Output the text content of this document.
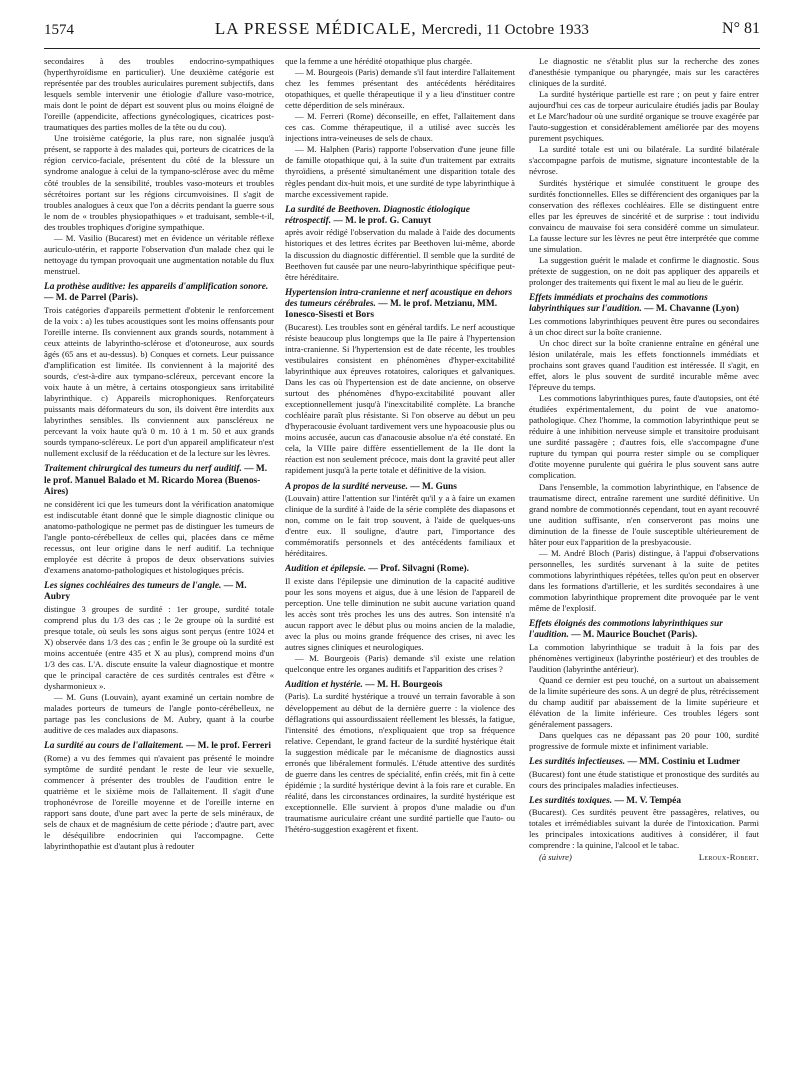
1574	LA PRESSE MÉDICALE, Mercredi, 11 Octobre 1933	N° 81

secondaires à des troubles endocrino-sympathiques (hyperthyroïdisme en particulier). Une deuxième catégorie est représentée par des troubles auriculaires purement subjectifs, dans lesquels semble intervenir une étiologie d'allure vaso-motrice, mais dont le point de départ est souvent plus ou moins éloigné de l'oreille (appendicite, affections gynécologiques, cicatrices post-traumatiques des parties molles de la tête ou du cou).

Une troisième catégorie, la plus rare, non signalée jusqu'à présent, se rapporte à des malades qui, porteurs de cicatrices de la région cervico-faciale, présentent du côté de la blessure un syndrome analogue à celui de la tympano-sclérose avec du même côté troubles de la sensibilité, troubles vaso-moteurs et troubles sécrétoires portant sur les régions circumvoisines. Il s'agit de troubles analogues à ceux que l'on a décrits pendant la guerre sous le nom de « troubles physiopathiques » et traduisant, semble-t-il, des troubles trophiques d'origine sympathique.

— M. Vasilio (Bucarest) met en évidence un véritable réflexe auriculo-utérin, et rapporte l'observation d'un malade chez qui le nettoyage du tympan provoquait une augmentation notable du flux menstruel.

La prothèse auditive: les appareils d'amplification sonore. — M. de Parrel (Paris).

Trois catégories d'appareils permettent d'obtenir le renforcement de la voix : a) les tubes acoustiques sont les moins offensants pour l'oreille interne. Ils conviennent aux grands sourds, notamment à ceux atteints de labyrintho-sclérose et d'otoneurose, aux sourds âgés (65 ans et au-dessus). b) Conques et cornets. Leur puissance d'amplification est limitée. Ils conviennent à la majorité des sourds, c'est-à-dire aux tympano-scléreux, percevant encore la voix haute à un mètre, à certains otospongieux sans irritabilité labyrinthique. c) Appareils microphoniques. Renforçateurs puissants mais déformateurs du son, ils doivent être interdits aux labyrinthes sensibles. Ils conviennent aux panscléreux ne percevant la voix haute qu'à 0 m. 10 à 1 m. 50 et aux grands sourds tympano-scléreux. Le port d'un appareil amplificateur n'est nullement exclusif de la rééducation et de la lecture sur les lèvres.

Traitement chirurgical des tumeurs du nerf auditif. — M. le prof. Manuel Balado et M. Ricardo Morea (Buenos-Aires)

ne considèrent ici que les tumeurs dont la vérification anatomique est indiscutable étant donné que le simple diagnostic clinique ou anatomo-pathologique ne permet pas de distinguer les tumeurs de l'angle ponto-cérébelleux de celles qui, placées dans ce même recessus, ont leur origine dans le nerf auditif. La technique employée est décrite à propos de deux observations suivies d'examens anatomo-pathologiques et histologiques précis.

Les signes cochléaires des tumeurs de l'angle. — M. Aubry

distingue 3 groupes de surdité : 1er groupe, surdité totale comprend plus du 1/3 des cas ; le 2e groupe où la surdité est presque totale, où seuls les sons aigus sont perçus (entre 1024 et X) observée dans 1/3 des cas ; enfin le 3e groupe où la surdité est moins accentuée (entre 435 et X au plus), comprend moins d'un 1/3 des cas. L'A. discute ensuite la valeur diagnostique et montre que le principal caractère de ces surdités centrales est d'être « dysharmonieux ».

— M. Guns (Louvain), ayant examiné un certain nombre de malades porteurs de tumeurs de l'angle ponto-cérébelleux, ne partage pas les conclusions de M. Aubry, quant à la courbe auditive de ces malades aux diapasons.

La surdité au cours de l'allaitement. — M. le prof. Ferreri

(Rome) a vu des femmes qui n'avaient pas présenté le moindre symptôme de surdité pendant le reste de leur vie sexuelle, commencer à présenter des troubles de l'audition entre le quatrième et le sixième mois de l'allaitement. Il s'agit d'une trophonévrose de l'oreille moyenne et de l'oreille interne en rapport sans doute, d'une part avec la perte de sels minéraux, de sels de chaux et de magnésium de cette période ; d'autre part, avec le déséquilibre endocrinien qui l'accompagne. Cette labyrinthopathie est d'autant plus à redouter

que la femme a une hérédité otopathique plus chargée.

— M. Bourgeois (Paris) demande s'il faut interdire l'allaitement chez les femmes présentant des antécédents héréditaires otopathiques, et quelle thérapeutique il y a lieu d'instituer contre cette déperdition de sels minéraux.

— M. Ferreri (Rome) déconseille, en effet, l'allaitement dans ces cas. Comme thérapeutique, il a utilisé avec succès les injections intra-veineuses de sels de chaux.

— M. Halphen (Paris) rapporte l'observation d'une jeune fille de famille otopathique qui, à la suite d'un traitement par extraits thyroïdiens, a présenté simultanément une disparition totale des règles pendant dix-huit mois, et une surdité de type labyrinthique à marche excessivement rapide.

La surdité de Beethoven. Diagnostic étiologique rétrospectif. — M. le prof. G. Canuyt

après avoir rédigé l'observation du malade à l'aide des documents historiques et des lettres écrites par Beethoven lui-même, aborde la discussion du diagnostic différentiel. Il semble que la surdité de Beethoven fut causée par une neuro-labyrinthique spécifique peut-être héréditaire.

Hypertension intra-cranienne et nerf acoustique en dehors des tumeurs cérébrales. — M. le prof. Metzianu, MM. Ionesco-Sisesti et Bors

(Bucarest). Les troubles sont en général tardifs. Le nerf acoustique résiste beaucoup plus longtemps que la IIe paire à l'hypertension intra-cranienne. Si l'hypertension est de date récente, les troubles vestibulaires consistent en phénomènes d'hyper-excitabilité labyrinthique aux épreuves rotatoires, caloriques et galvaniques. Dans les cas où l'hypertension est de date ancienne, on observe surtout des phénomènes d'hypo-excitabilité pouvant aller exceptionnellement jusqu'à l'inexcitabilité complète. La branche cochléaire paraît plus résistante. Si l'on observe au début un peu d'hyperacousie évoluant tardivement vers une hypoacousie plus ou moins accusée, aucun cas d'anacousie absolue n'a été constaté. En cela, la VIIIe paire diffère essentiellement de la IIe dont la réaction est non seulement précoce, mais dont la gravité peut aller rapidement jusqu'à la perte totale et définitive de la vision.

A propos de la surdité nerveuse. — M. Guns

(Louvain) attire l'attention sur l'intérêt qu'il y a à faire un examen clinique de la surdité à l'aide de la série complète des diapasons et non, comme on le fait trop souvent, à l'aide de quelques-uns d'entre eux. Il souligne, d'autre part, l'importance des commémoratifs personnels et des antécédents familiaux et héréditaires.

Audition et épilepsie. — Prof. Silvagni (Rome).

Il existe dans l'épilepsie une diminution de la capacité auditive pour les sons moyens et aigus, due à une lésion de l'appareil de perception. Une telle diminution ne subit aucune variation quand les accès sont très proches les uns des autres. Son intensité n'a aucun rapport avec le début plus ou moins ancien de la maladie, avec la plus ou moins grande fréquence des crises, ni avec les autres signes cliniques et neurologiques.

— M. Bourgeois (Paris) demande s'il existe une relation quelconque entre les organes auditifs et l'apparition des crises ?

Audition et hystérie. — M. H. Bourgeois

(Paris). La surdité hystérique a trouvé un terrain favorable à son développement au début de la dernière guerre : la violence des déflagrations qui assourdissaient réellement les blessés, la fatigue, l'intensité des émotions, n'expliquaient que trop sa fréquence relative. Cependant, le grand facteur de la surdité hystérique était la suggestion médicale par le mécanisme de diagnostics aussi erronés que libéralement formulés. L'étude attentive des surdités de guerre dans les centres de spécialité, enfin créés, mit fin à cette épidémie ; la surdité hystérique devint à la fois rare et curable. En réalité, dans les circonstances ordinaires, la surdité hystérique est exceptionnelle. Elle survient à propos d'une maladie ou d'un traumatisme auriculaire créant une surdité partielle que l'auto- ou l'hétéro-suggestion exagèrent et fixent.

Le diagnostic ne s'établit plus sur la recherche des zones d'anesthésie tympanique ou pharyngée, mais sur les caractères cliniques de la surdité.

La surdité hystérique partielle est rare ; on peut y faire entrer aujourd'hui ces cas de torpeur auriculaire étudiés jadis par Boulay et Le Marc'hadour où une surdité organique se trouve exagérée par l'auto-suggestion et considérablement améliorée par des moyens purement psychiques.

La surdité totale est uni ou bilatérale. La surdité bilatérale s'accompagne parfois de mutisme, signature incontestable de la névrose.

Surdités hystérique et simulée constituent le groupe des surdités fonctionnelles. Elles se différencient des organiques par la conservation des réflexes cochléaires. Elle se distinguent entre elles par les épreuves de sincérité et de surprise : tout individu convaincu de mauvaise foi sera considéré comme un simulateur. La fausse lecture sur les lèvres ne peut être interprétée que comme une simulation.

La suggestion guérit le malade et confirme le diagnostic. Sous prétexte de suggestion, on ne doit pas appliquer des appareils et prolonger des traitements qui fixent le mal au lieu de le guérir.

Effets immédiats et prochains des commotions labyrinthiques sur l'audition. — M. Chavanne (Lyon)

Les commotions labyrinthiques peuvent être pures ou secondaires à un choc direct sur la boîte cranienne.

Un choc direct sur la boîte cranienne entraîne en général une lésion unilatérale, mais les effets fonctionnels immédiats et prochains sont graves quand l'audition est intéressée. Il s'agit, en effet, alors le plus souvent de surdité incurable même avec l'épreuve du temps.

Les commotions labyrinthiques pures, faute d'autopsies, ont été étudiées expérimentalement, du point de vue anatomo-pathologique. Chez l'homme, la commotion labyrinthique peut se réduire à une inhibition nerveuse simple et transitoire produisant une surdité passagère ; d'autres fois, elle s'accompagne d'une rupture du tympan qui pourra rester simple ou se compliquer d'otite moyenne purulente qui guérira le plus souvent sans autre complication.

Dans l'ensemble, la commotion labyrinthique, en l'absence de traumatisme direct, entraîne rarement une surdité définitive. Un grand nombre de commotionnés cependant, tout en ayant recouvré une audition suffisante, n'en conserveront pas moins une diminution de la finesse de l'ouïe susceptible ultérieurement de hâter pour eux l'apparition de la presbyacousie.

— M. André Bloch (Paris) distingue, à l'appui d'observations personnelles, les surdités survenant à la suite de petites commotions labyrinthiques répétées, telles qu'on peut en observer dans les formations d'artillerie, et les surdités secondaires à une commotion labyrinthique proprement dite provoquée par le vent même de l'explosif.

Effets éloignés des commotions labyrinthiques sur l'audition. — M. Maurice Bouchet (Paris).

La commotion labyrinthique se traduit à la fois par des phénomènes vertigineux (labyrinthe postérieur) et des troubles de l'audition (labyrinthe antérieur).

Quand ce dernier est peu touché, on a surtout un abaissement de la limite supérieure des sons. A un degré de plus, rétrécissement du champ auditif par abaissement de la limite supérieure et élévation de la limite inférieure. Ces troubles légers sont généralement passagers.

Dans quelques cas ne dépassant pas 20 pour 100, surdité progressive de formule mixte et infiniment variable.

Les surdités infectieuses. — MM. Costiniu et Ludmer

(Bucarest) font une étude statistique et pronostique des surdités au cours des principales maladies infectieuses.

Les surdités toxiques. — M. V. Tempéa

(Bucarest). Ces surdités peuvent être passagères, relatives, ou totales et irrémédiables suivant la durée de l'intoxication. Parmi les principales intoxications auditives à considérer, il faut comprendre : la quinine, l'alcool et le tabac.

(à suivre)	Leroux-Robert.
